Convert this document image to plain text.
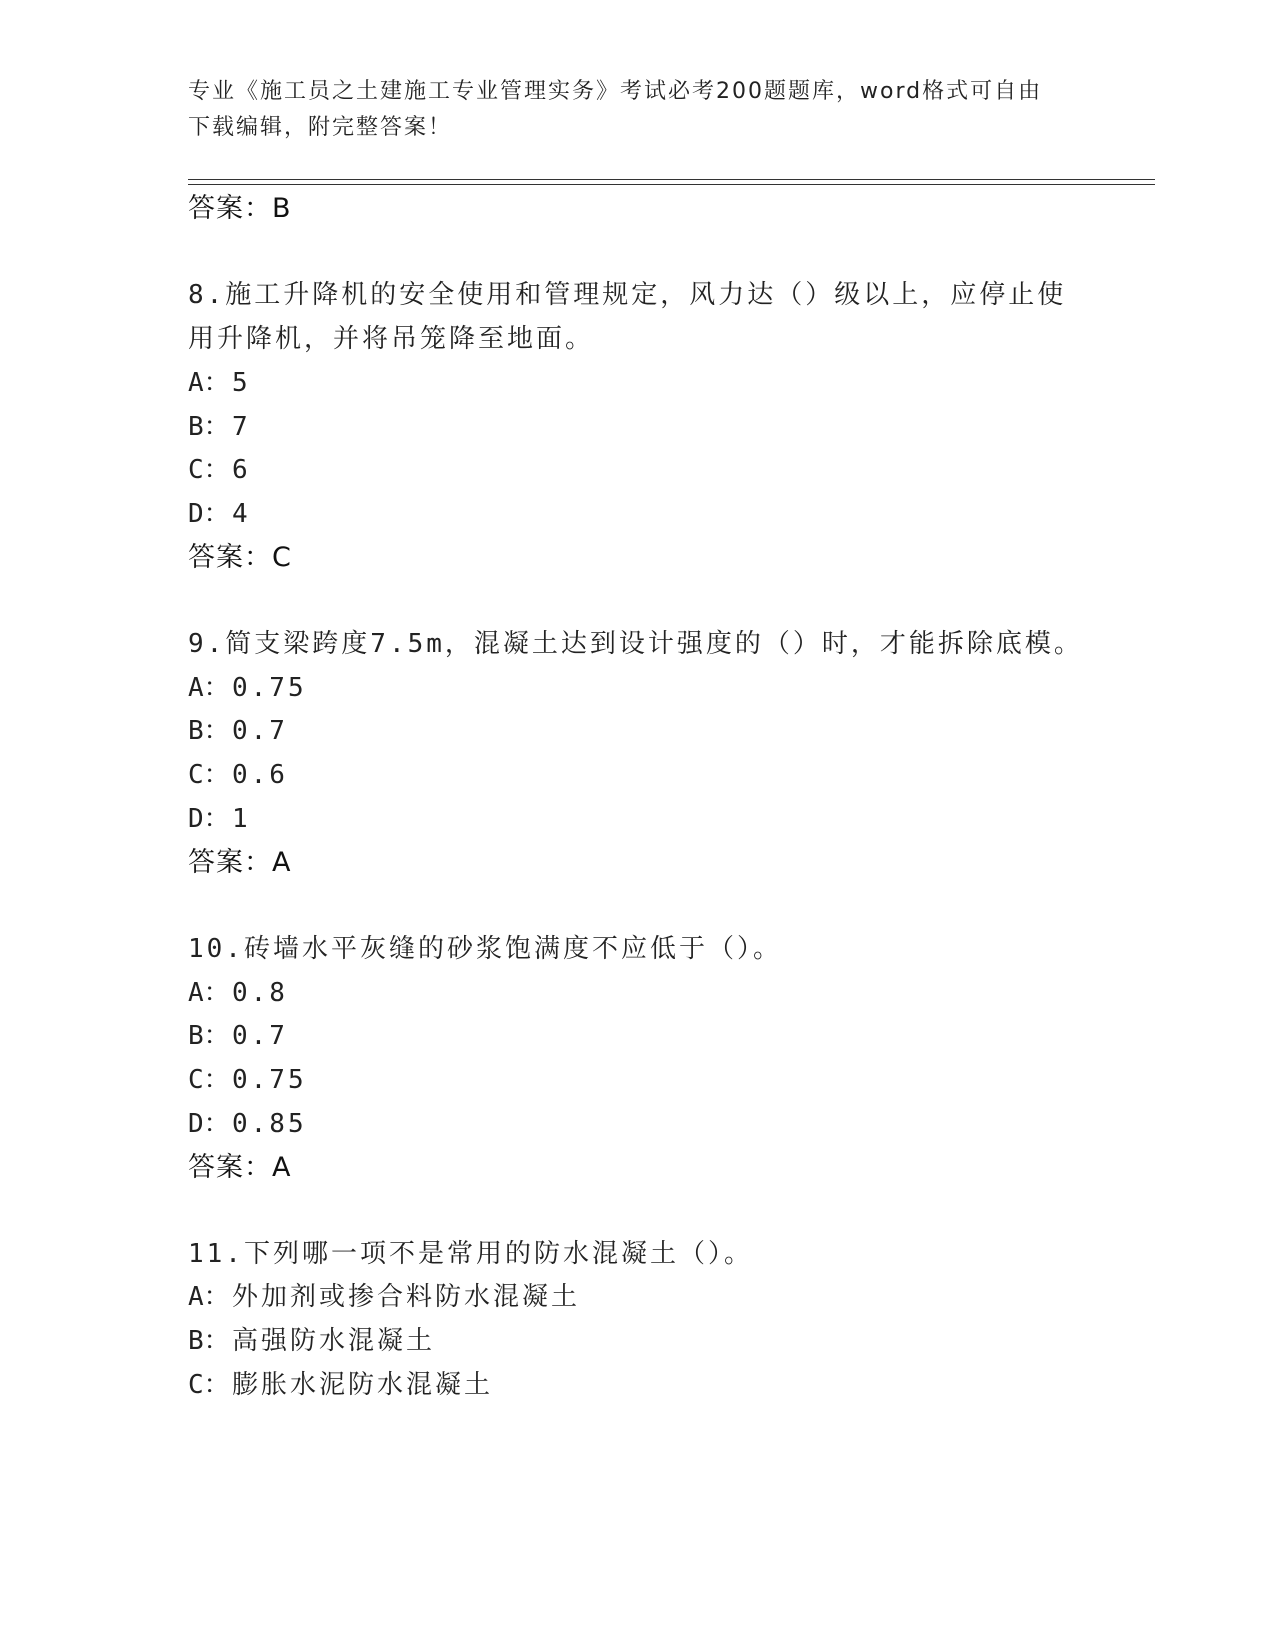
专业《施工员之土建施工专业管理实务》考试必考200题题库，word格式可自由
下载编辑，附完整答案！
答案：B
8.施工升降机的安全使用和管理规定，风力达（）级以上，应停止使
用升降机，并将吊笼降至地面。
A：5
B：7
C：6
D：4
答案：C
9.简支梁跨度7.5m，混凝土达到设计强度的（）时，才能拆除底模。
A：0.75
B：0.7
C：0.6
D：1
答案：A
10.砖墙水平灰缝的砂浆饱满度不应低于（）。
A：0.8
B：0.7
C：0.75
D：0.85
答案：A
11.下列哪一项不是常用的防水混凝土（）。
A：外加剂或掺合料防水混凝土
B：高强防水混凝土
C：膨胀水泥防水混凝土
